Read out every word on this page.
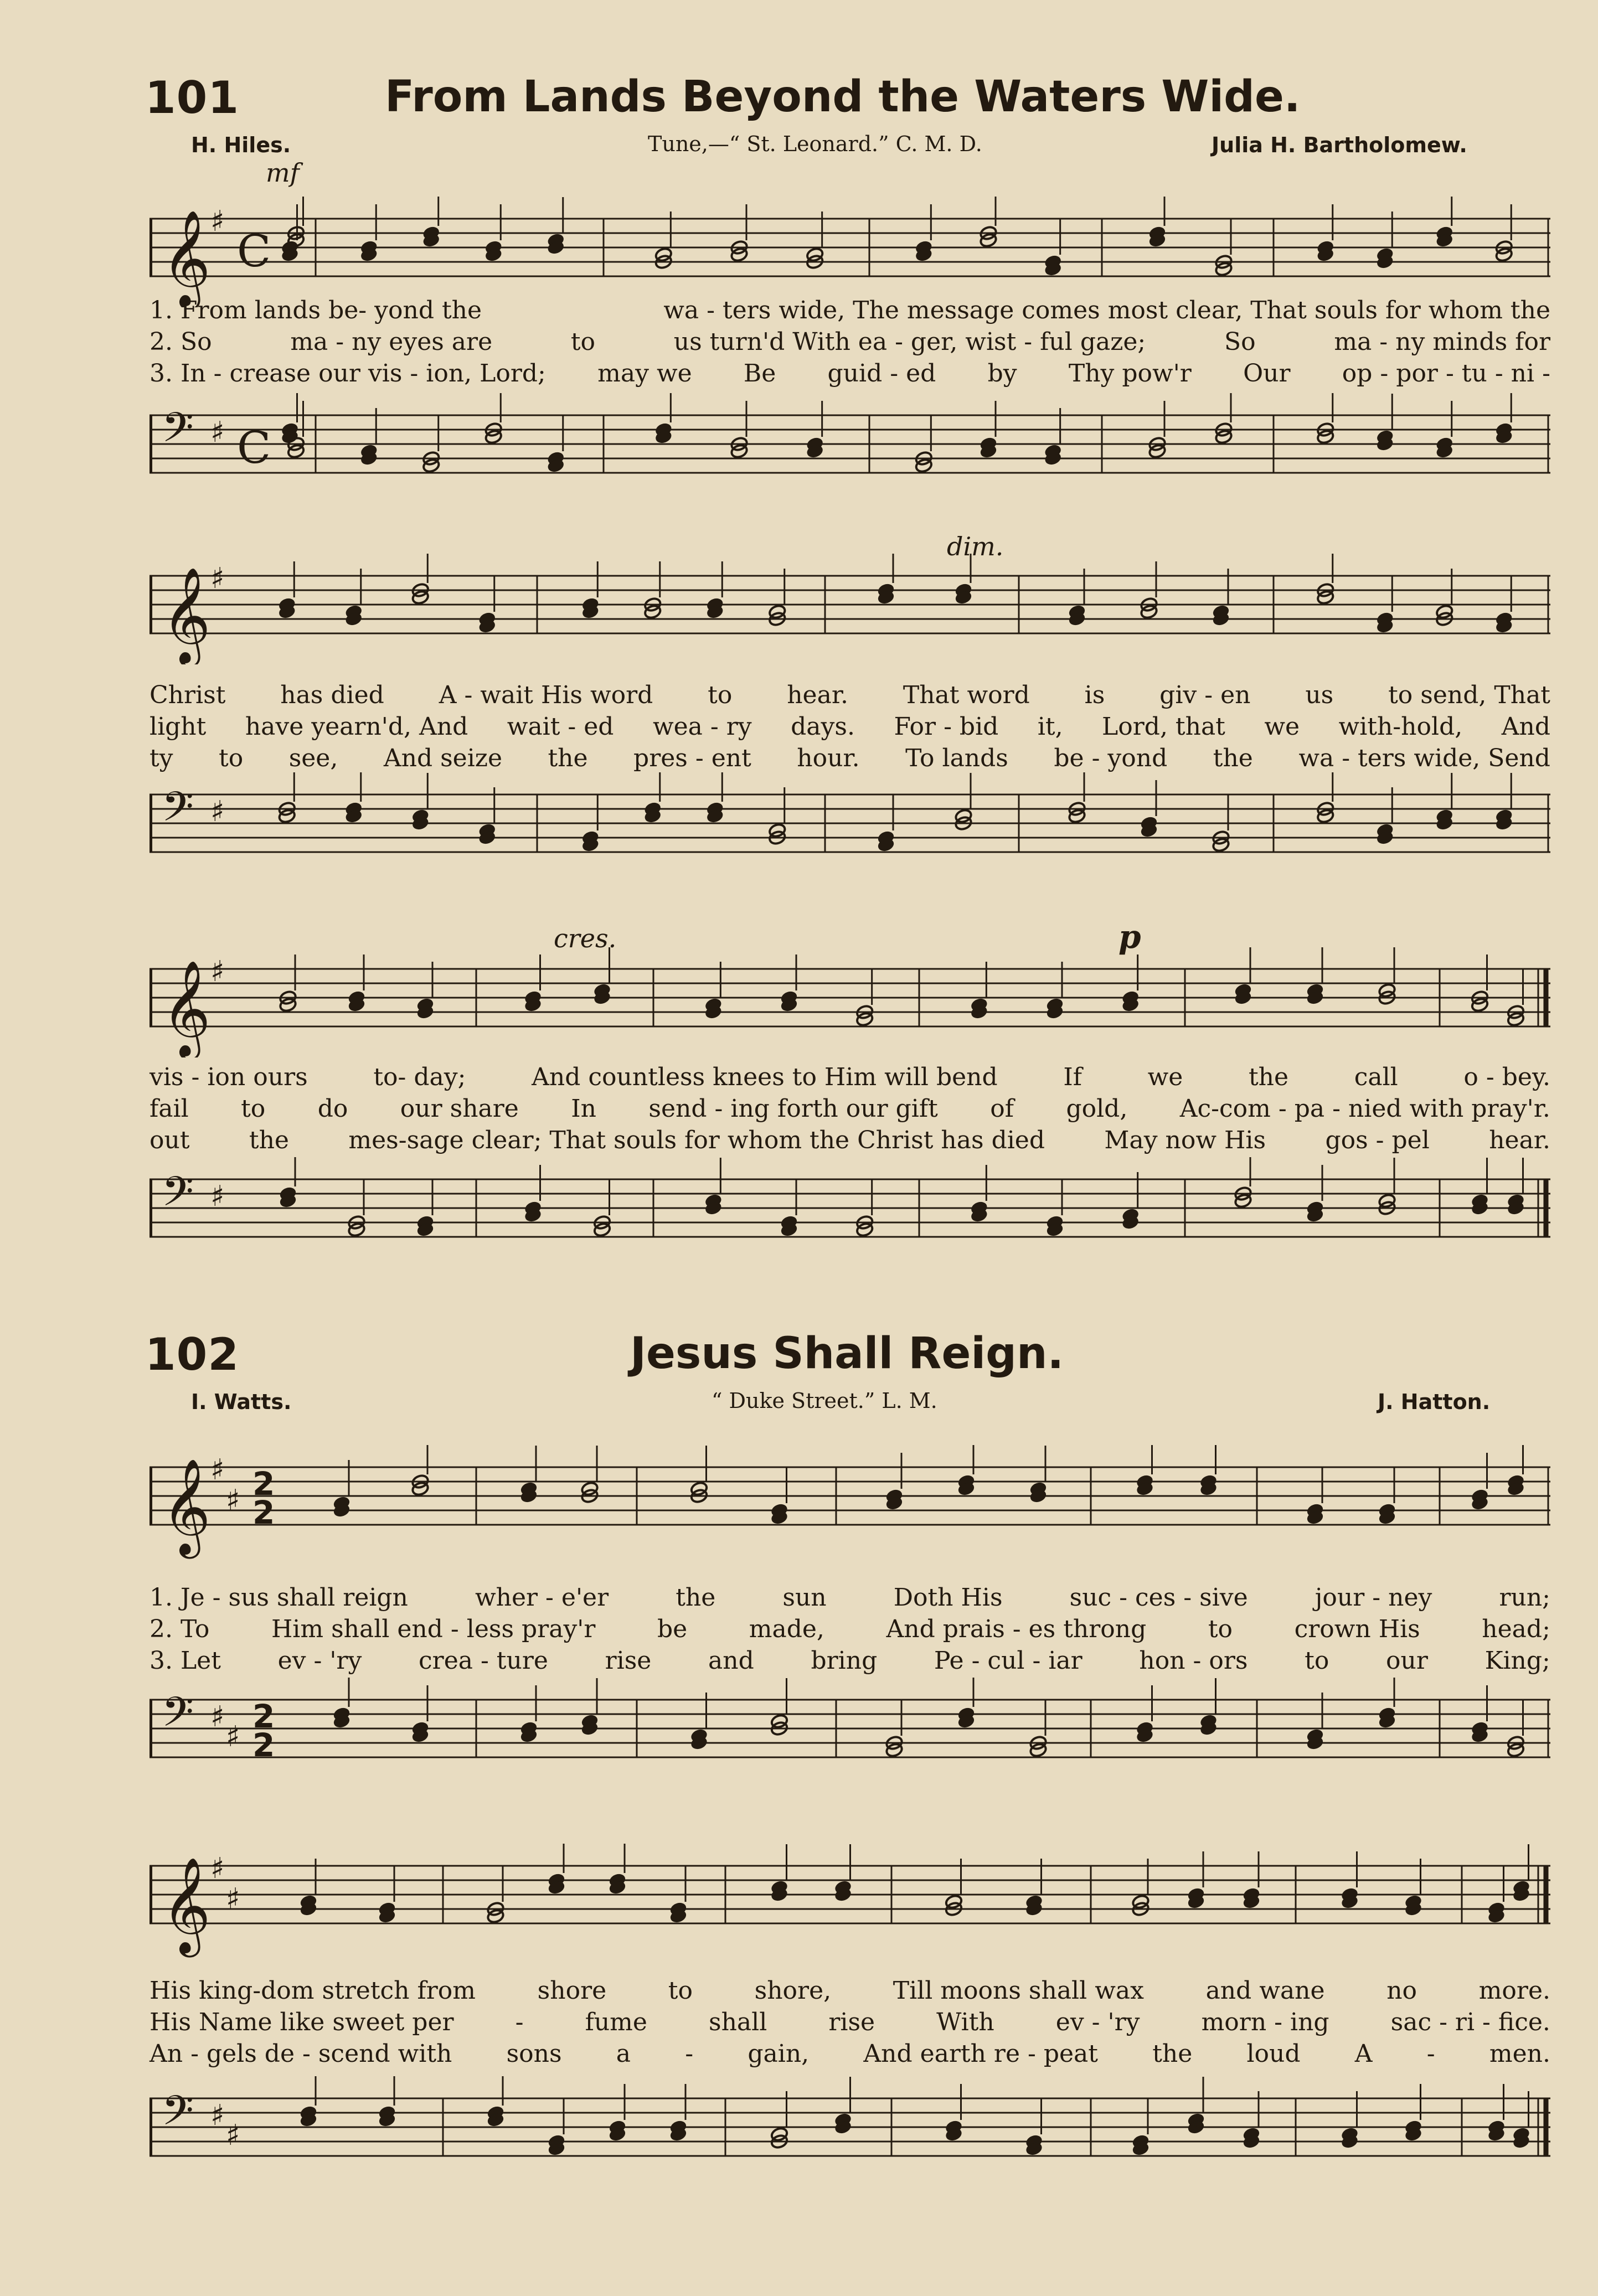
101	From Lands Beyond the Waters Wide.
H. Hiles.	Tune,—“ St. Leonard.” C. M. D.	Julia H. Bartholomew.
𝄞 ♯
C
mf
1. From lands be- yond the	wa - ters wide, The message comes most clear, That souls for whom the
2. So	ma - ny eyes are	to	us turn'd With ea - ger, wist - ful gaze;	So	ma - ny minds for
3. In - crease our vis - ion, Lord; may we Be guid - ed by Thy pow'r Our op - por - tu - ni -
𝄢 ♯ C
dim.
𝄞 ♯
Christ has died A - wait His word to hear. That word is giv - en us to send, That
light have yearn'd, And wait - ed wea - ry days. For - bid it, Lord, that we with-hold, And
ty to see, And seize the pres - ent hour. To lands be - yond the wa - ters wide, Send
𝄢 ♯
cres.	p
𝄞 ♯
vis - ion ours	to- day;	And countless knees to Him will bend	If	we	the	call	o - bey.
fail to do our share In send - ing forth our gift of gold, Ac-com - pa - nied with pray'r.
out the mes-sage clear; That souls for whom the Christ has died May now His gos - pel hear.
𝄢 ♯
102	Jesus Shall Reign.
I. Watts.	“ Duke Street.” L. M.	J. Hatton.
𝄞 ♯
♯ 2
2
1. Je - sus shall reign	wher - e'er	the	sun	Doth His	suc - ces - sive	jour - ney	run;
2. To	Him shall end - less pray'r	be	made,	And prais - es throng	to	crown His	head;
3. Let ev - 'ry crea - ture rise and bring Pe - cul - iar hon - ors to our King;
𝄢 ♯
♯
2
2
𝄞 ♯
♯
His king-dom stretch from	shore	to	shore,	Till moons shall wax	and wane	no	more.
His Name like sweet per	-	fume	shall	rise	With	ev - 'ry	morn - ing	sac - ri - fice.
An - gels de - scend with sons a - gain, And earth re - peat the loud A - men.
𝄢 ♯
♯
